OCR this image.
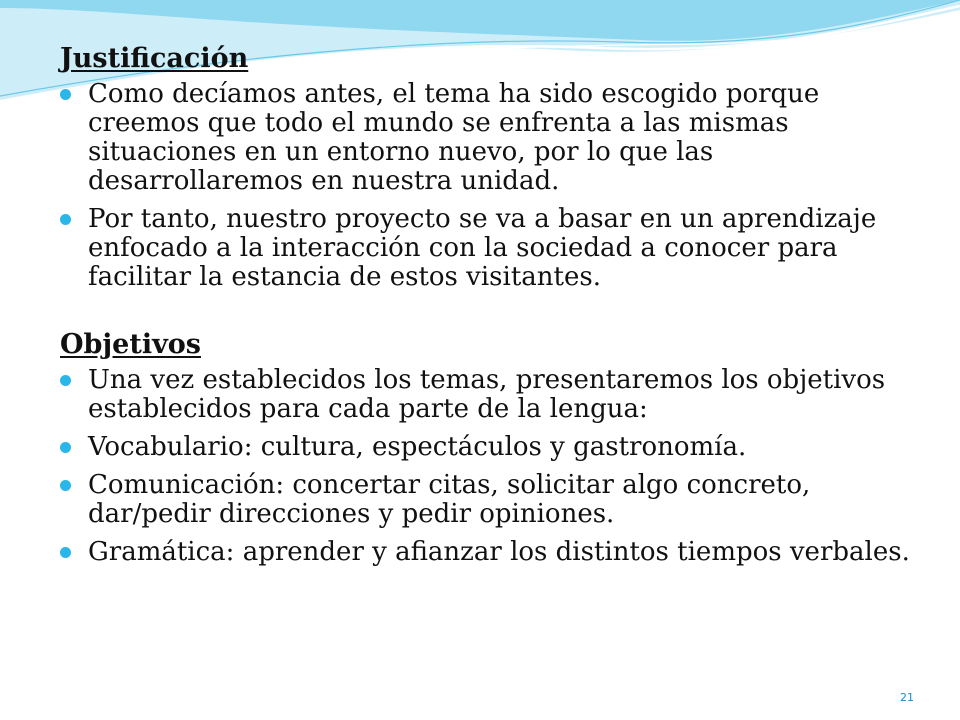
Justificación
Como decíamos antes, el tema ha sido escogido porque creemos que todo el mundo se enfrenta a las mismas situaciones en un entorno nuevo, por lo que las desarrollaremos en nuestra unidad.
Por tanto, nuestro proyecto se va a basar en un aprendizaje enfocado a la interacción con la sociedad a conocer para facilitar la estancia de estos visitantes.
Objetivos
Una vez establecidos los temas, presentaremos los objetivos establecidos para cada parte de la lengua:
Vocabulario: cultura, espectáculos y gastronomía.
Comunicación: concertar citas, solicitar algo concreto, dar/pedir direcciones y pedir opiniones.
Gramática: aprender y afianzar los distintos tiempos verbales.
21
